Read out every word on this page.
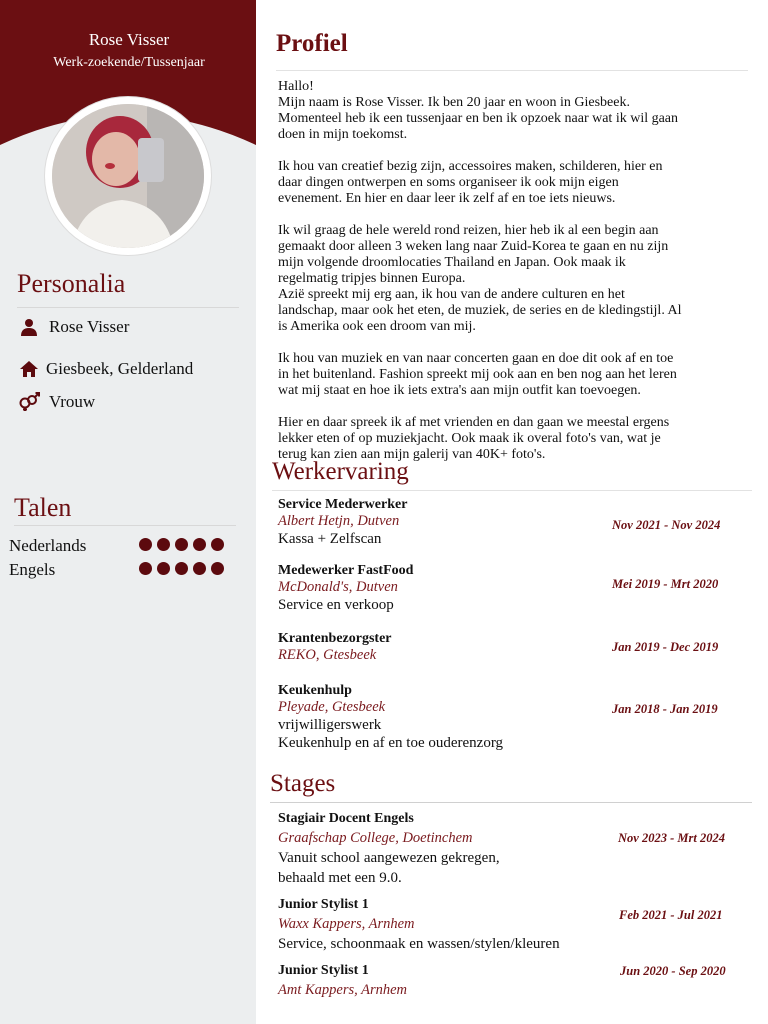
Rose Visser
Werk-zoekende/Tussenjaar
Personalia
Rose Visser
Giesbeek, Gelderland
Vrouw
Talen
Nederlands
Engels
Profiel

Hallo!
Mijn naam is Rose Visser. Ik ben 20 jaar en woon in Giesbeek.
Momenteel heb ik een tussenjaar en ben ik opzoek naar wat ik wil gaan
doen in mijn toekomst.

Ik hou van creatief bezig zijn, accessoires maken, schilderen, hier en
daar dingen ontwerpen en soms organiseer ik ook mijn eigen
evenement. En hier en daar leer ik zelf af en toe iets nieuws.

Ik wil graag de hele wereld rond reizen, hier heb ik al een begin aan
gemaakt door alleen 3 weken lang naar Zuid-Korea te gaan en nu zijn
mijn volgende droomlocaties Thailand en Japan. Ook maak ik
regelmatig tripjes binnen Europa.
Azië spreekt mij erg aan, ik hou van de andere culturen en het
landschap, maar ook het eten, de muziek, de series en de kledingstijl. Al
is Amerika ook een droom van mij.

Ik hou van muziek en van naar concerten gaan en doe dit ook af en toe
in het buitenland. Fashion spreekt mij ook aan en ben nog aan het leren
wat mij staat en hoe ik iets extra's aan mijn outfit kan toevoegen.

Hier en daar spreek ik af met vrienden en dan gaan we meestal ergens
lekker eten of op muziekjacht. Ook maak ik overal foto's van, wat je
terug kan zien aan mijn galerij van 40K+ foto's.

Werkervaring
Service Mederwerker
Albert Hetjn, Dutven
Kassa + Zelfscan
Nov 2021 - Nov 2024
Medewerker FastFood
McDonald's, Dutven
Service en verkoop
Mei 2019 - Mrt 2020
Krantenbezorgster
REKO, Gtesbeek	Jan 2019 - Dec 2019
Keukenhulp
Pleyade, Gtesbeek
vrijwilligerswerk
Keukenhulp en af en toe ouderenzorg
Jan 2018 - Jan 2019
Stages
Stagiair Docent Engels
Graafschap College, Doetinchem
Vanuit school aangewezen gekregen,
behaald met een 9.0.
Nov 2023 - Mrt 2024
Junior Stylist 1
Waxx Kappers, Arnhem
Service, schoonmaak en wassen/stylen/kleuren
Feb 2021 - Jul 2021
Junior Stylist 1
Amt Kappers, Arnhem
Jun 2020 - Sep 2020
